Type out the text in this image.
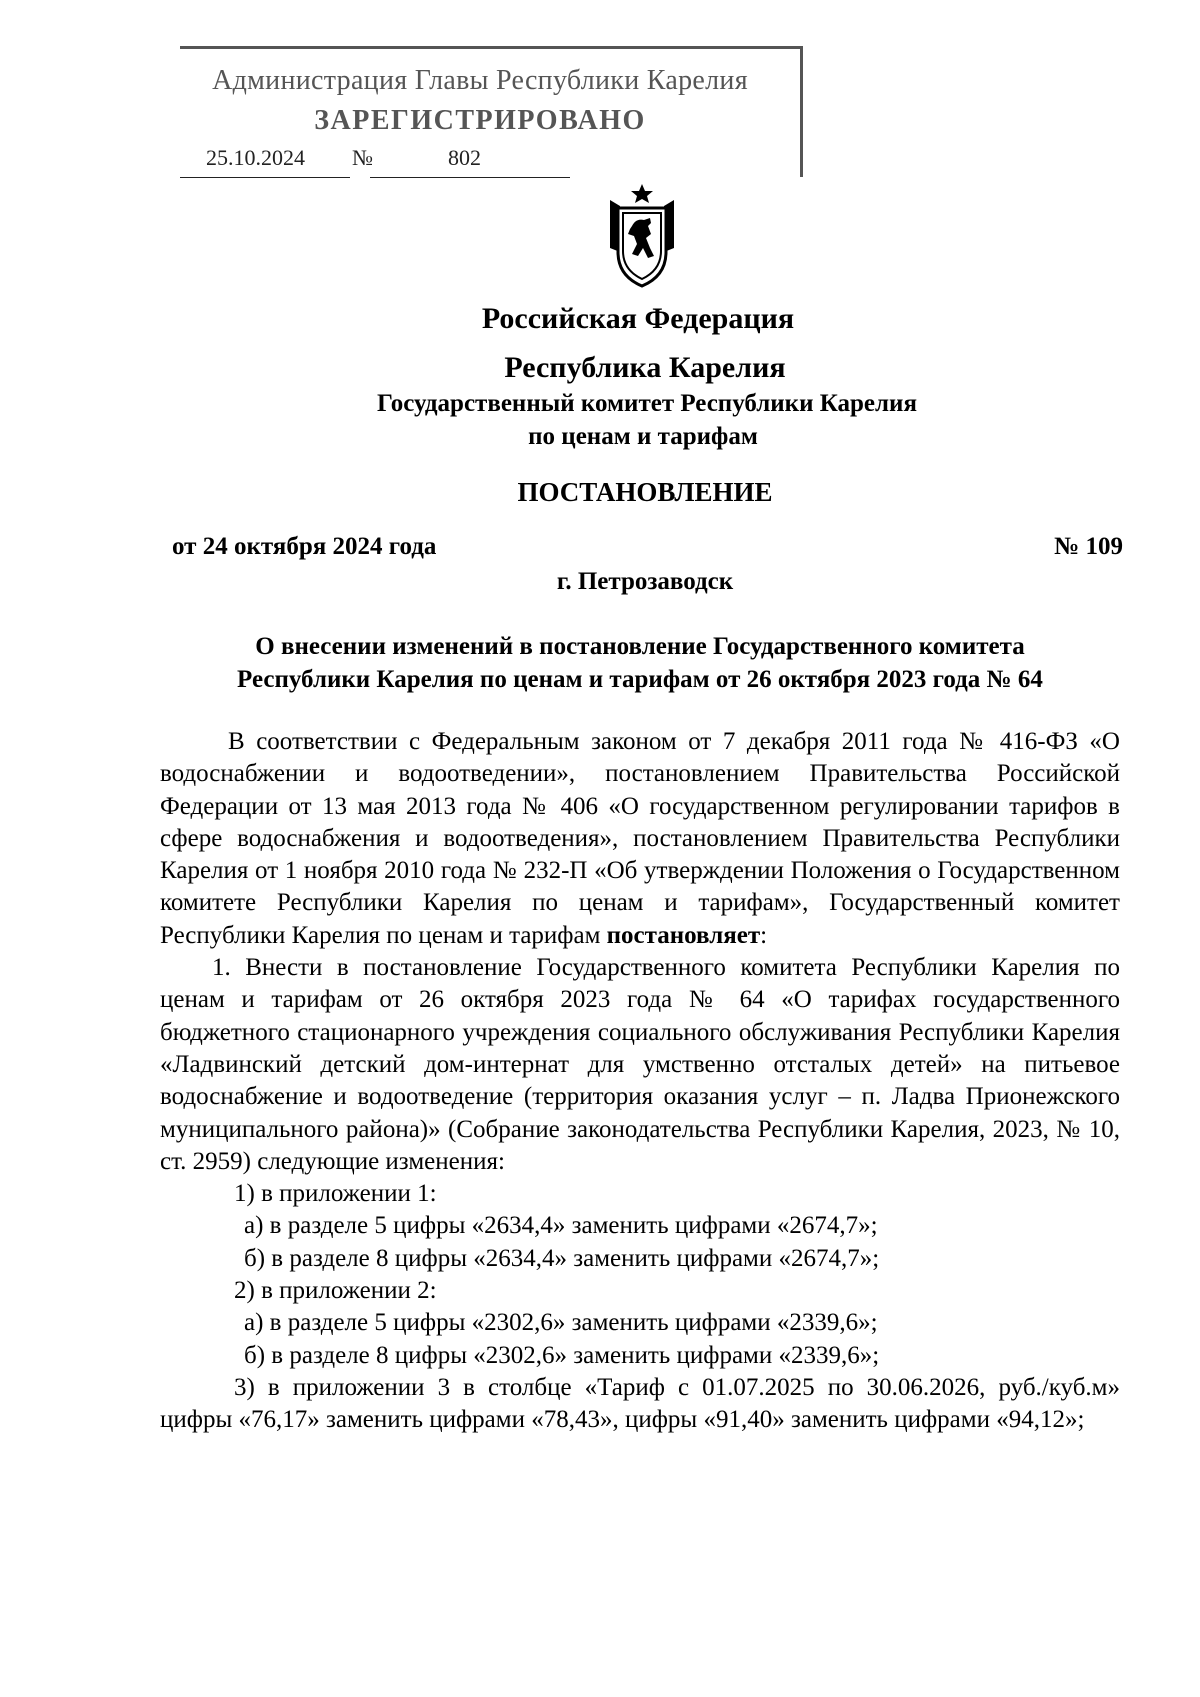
Администрация Главы Республики Карелия
ЗАРЕГИСТРИРОВАНО
25.10.2024 №	802
Российская Федерация
Республика Карелия
Государственный комитет Республики Карелия
по ценам и тарифам
ПОСТАНОВЛЕНИЕ
от 24 октября 2024 года	№ 109
г. Петрозаводск
О внесении изменений в постановление Государственного комитета
Республики Карелия по ценам и тарифам от 26 октября 2023 года № 64

В соответствии с Федеральным законом от 7 декабря 2011 года № 416-ФЗ «О водоснабжении и водоотведении», постановлением Правительства Российской Федерации от 13 мая 2013 года № 406 «О государственном регулировании тарифов в сфере водоснабжения и водоотведения», постановлением Правительства Республики Карелия от 1 ноября 2010 года № 232-П «Об утверждении Положения о Государственном комитете Республики Карелия по ценам и тарифам», Государственный комитет Республики Карелия по ценам и тарифам постановляет:

1. Внести в постановление Государственного комитета Республики Карелия по ценам и тарифам от 26 октября 2023 года № 64 «О тарифах государственного бюджетного стационарного учреждения социального обслуживания Республики Карелия «Ладвинский детский дом-интернат для умственно отсталых детей» на питьевое водоснабжение и водоотведение (территория оказания услуг – п. Ладва Прионежского муниципального района)» (Собрание законодательства Республики Карелия, 2023, № 10, ст. 2959) следующие изменения:

1) в приложении 1:

а) в разделе 5 цифры «2634,4» заменить цифрами «2674,7»;

б) в разделе 8 цифры «2634,4» заменить цифрами «2674,7»;

2) в приложении 2:

а) в разделе 5 цифры «2302,6» заменить цифрами «2339,6»;

б) в разделе 8 цифры «2302,6» заменить цифрами «2339,6»;

3) в приложении 3 в столбце «Тариф с 01.07.2025 по 30.06.2026, руб./куб.м» цифры «76,17» заменить цифрами «78,43», цифры «91,40» заменить цифрами «94,12»;
